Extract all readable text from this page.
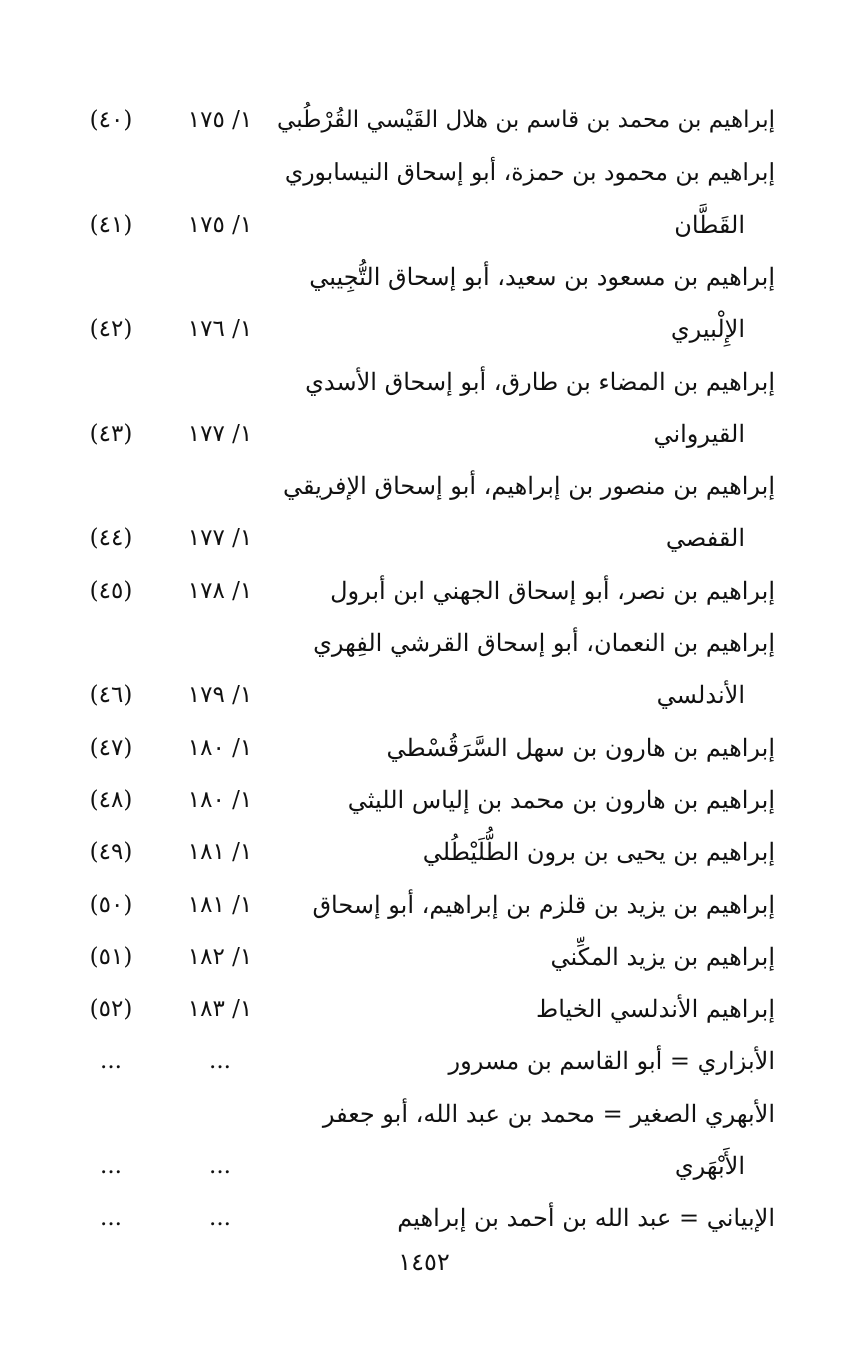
إبراهيم بن محمد بن قاسم بن هلال القَيْسي القُرْطُبي
١/ ١٧٥
(٤٠)
إبراهيم بن محمود بن حمزة، أبو إسحاق النيسابوري
القَطَّان
١/ ١٧٥
(٤١)
إبراهيم بن مسعود بن سعيد، أبو إسحاق التُّجِيبي
الإِلْبيري
١/ ١٧٦
(٤٢)
إبراهيم بن المضاء بن طارق، أبو إسحاق الأسدي
القيرواني
١/ ١٧٧
(٤٣)
إبراهيم بن منصور بن إبراهيم، أبو إسحاق الإفريقي
القفصي
١/ ١٧٧
(٤٤)
إبراهيم بن نصر، أبو إسحاق الجهني ابن أبرول
١/ ١٧٨
(٤٥)
إبراهيم بن النعمان، أبو إسحاق القرشي الفِهري
الأندلسي
١/ ١٧٩
(٤٦)
إبراهيم بن هارون بن سهل السَّرَقُسْطي
١/ ١٨٠
(٤٧)
إبراهيم بن هارون بن محمد بن إلياس الليثي
١/ ١٨٠
(٤٨)
إبراهيم بن يحيى بن برون الطُّلَيْطُلي
١/ ١٨١
(٤٩)
إبراهيم بن يزيد بن قلزم بن إبراهيم، أبو إسحاق
١/ ١٨١
(٥٠)
إبراهيم بن يزيد المكِّني
١/ ١٨٢
(٥١)
إبراهيم الأندلسي الخياط
١/ ١٨٣
(٥٢)
الأبزاري = أبو القاسم بن مسرور
...
...
الأبهري الصغير = محمد بن عبد الله، أبو جعفر
الأَبْهَري
...
...
الإبياني = عبد الله بن أحمد بن إبراهيم
...
...
١٤٥٢
